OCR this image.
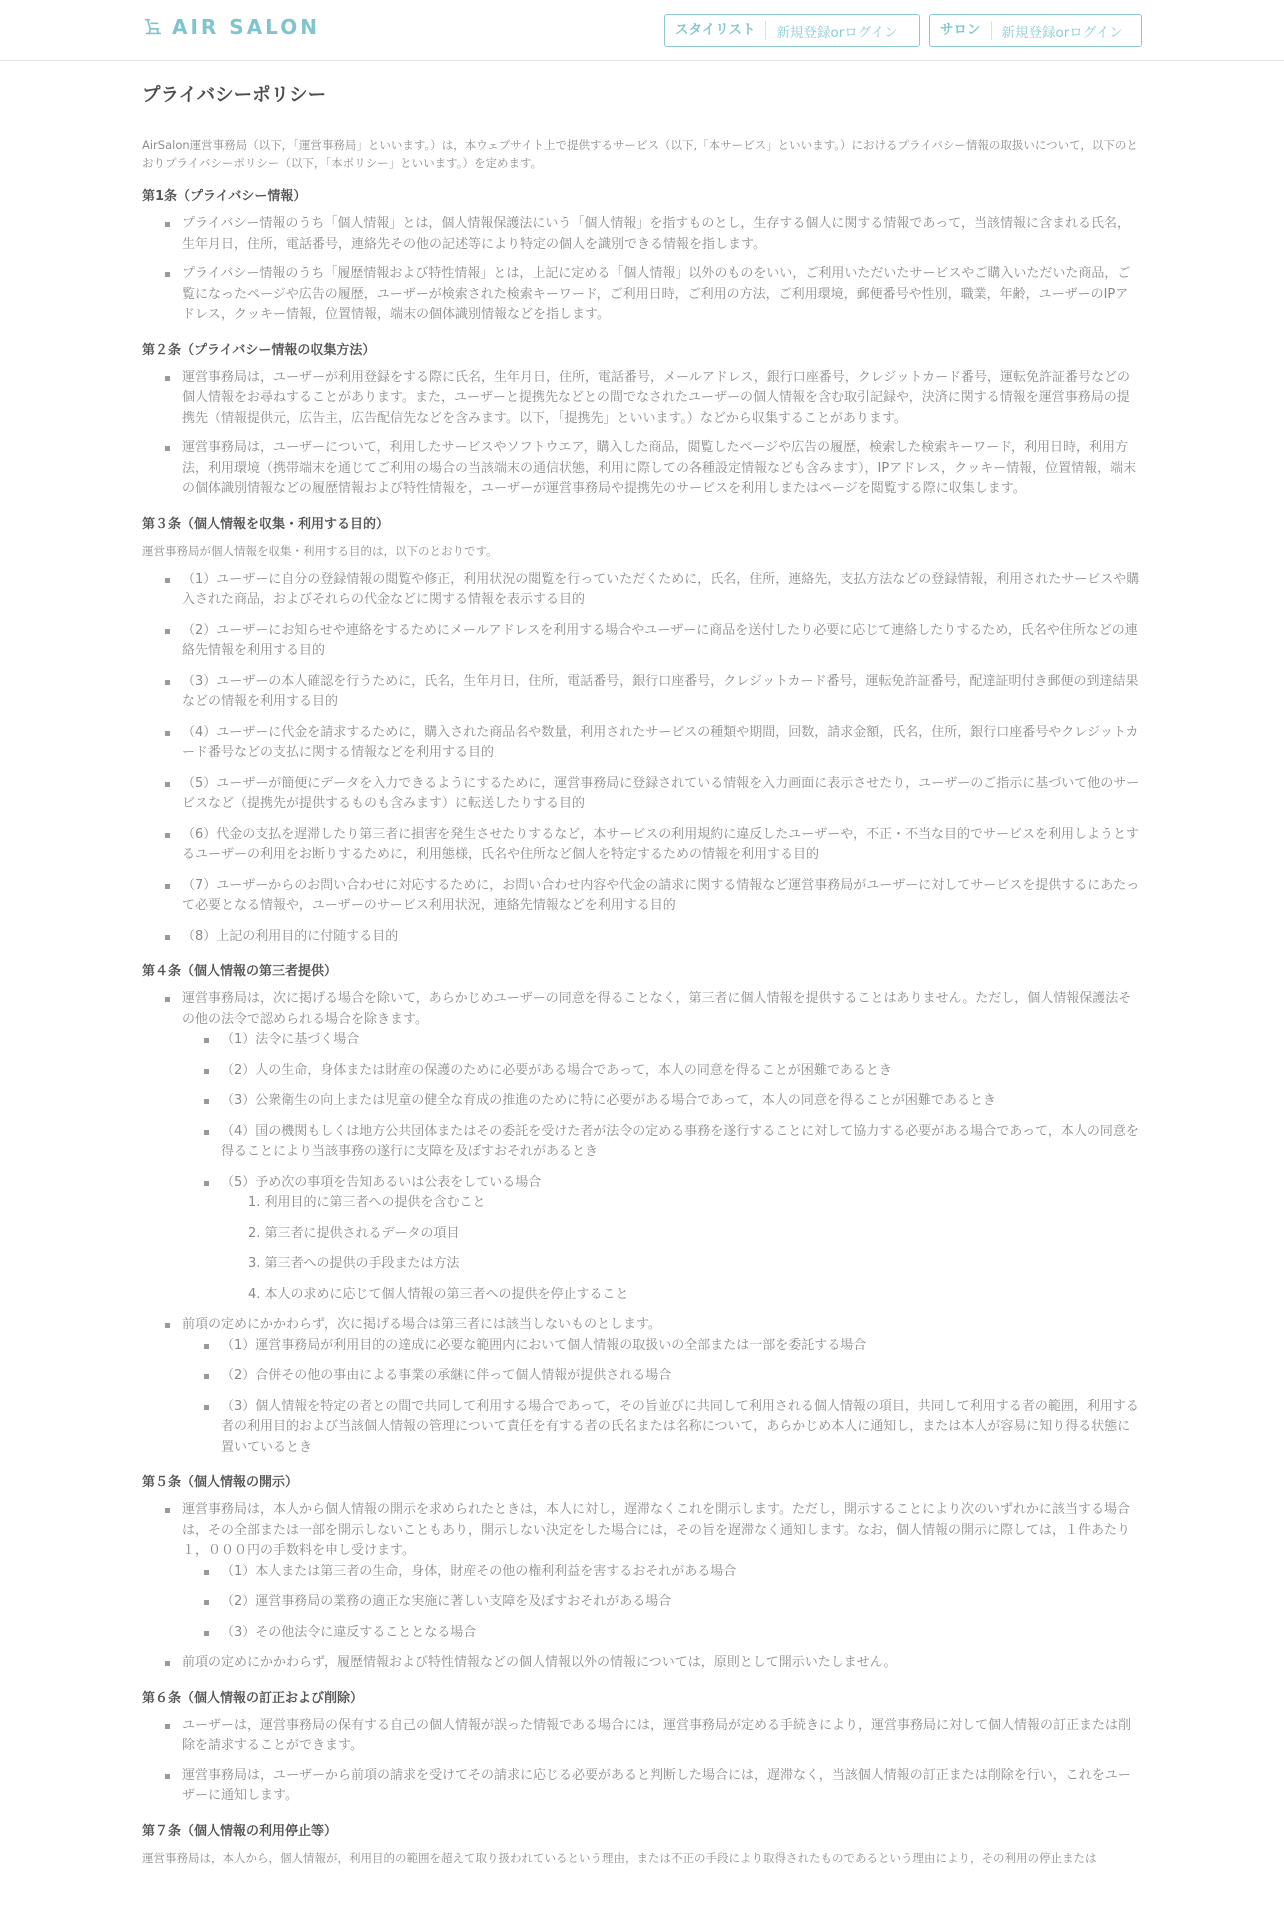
AIR SALON	スタイリスト	新規登録orログイン	サロン	新規登録orログイン
プライバシーポリシー

AirSalon運営事務局（以下，「運営事務局」といいます。）は，本ウェブサイト上で提供するサービス（以下,「本サービス」といいます。）におけるプライバシー情報の取扱いについて，以下のとおりプライバシーポリシー（以下，「本ポリシー」といいます。）を定めます。

第1条（プライバシー情報）
プライバシー情報のうち「個人情報」とは，個人情報保護法にいう「個人情報」を指すものとし，生存する個人に関する情報であって，当該情報に含まれる氏名，生年月日，住所，電話番号，連絡先その他の記述等により特定の個人を識別できる情報を指します。
プライバシー情報のうち「履歴情報および特性情報」とは，上記に定める「個人情報」以外のものをいい，ご利用いただいたサービスやご購入いただいた商品，ご覧になったページや広告の履歴，ユーザーが検索された検索キーワード，ご利用日時，ご利用の方法，ご利用環境，郵便番号や性別，職業，年齢，ユーザーのIPアドレス，クッキー情報，位置情報，端末の個体識別情報などを指します。
第２条（プライバシー情報の収集方法）
運営事務局は，ユーザーが利用登録をする際に氏名，生年月日，住所，電話番号，メールアドレス，銀行口座番号，クレジットカード番号，運転免許証番号などの個人情報をお尋ねすることがあります。また，ユーザーと提携先などとの間でなされたユーザーの個人情報を含む取引記録や，決済に関する情報を運営事務局の提携先（情報提供元，広告主，広告配信先などを含みます。以下，「提携先」といいます。）などから収集することがあります。
運営事務局は，ユーザーについて，利用したサービスやソフトウエア，購入した商品，閲覧したページや広告の履歴，検索した検索キーワード，利用日時，利用方法，利用環境（携帯端末を通じてご利用の場合の当該端末の通信状態，利用に際しての各種設定情報なども含みます），IPアドレス，クッキー情報，位置情報，端末の個体識別情報などの履歴情報および特性情報を，ユーザーが運営事務局や提携先のサービスを利用しまたはページを閲覧する際に収集します。
第３条（個人情報を収集・利用する目的）

運営事務局が個人情報を収集・利用する目的は，以下のとおりです。

（1）ユーザーに自分の登録情報の閲覧や修正，利用状況の閲覧を行っていただくために，氏名，住所，連絡先，支払方法などの登録情報，利用されたサービスや購入された商品，およびそれらの代金などに関する情報を表示する目的
（2）ユーザーにお知らせや連絡をするためにメールアドレスを利用する場合やユーザーに商品を送付したり必要に応じて連絡したりするため，氏名や住所などの連絡先情報を利用する目的
（3）ユーザーの本人確認を行うために，氏名，生年月日，住所，電話番号，銀行口座番号，クレジットカード番号，運転免許証番号，配達証明付き郵便の到達結果などの情報を利用する目的
（4）ユーザーに代金を請求するために，購入された商品名や数量，利用されたサービスの種類や期間，回数，請求金額，氏名，住所，銀行口座番号やクレジットカード番号などの支払に関する情報などを利用する目的
（5）ユーザーが簡便にデータを入力できるようにするために，運営事務局に登録されている情報を入力画面に表示させたり，ユーザーのご指示に基づいて他のサービスなど（提携先が提供するものも含みます）に転送したりする目的
（6）代金の支払を遅滞したり第三者に損害を発生させたりするなど，本サービスの利用規約に違反したユーザーや，不正・不当な目的でサービスを利用しようとするユーザーの利用をお断りするために，利用態様，氏名や住所など個人を特定するための情報を利用する目的
（7）ユーザーからのお問い合わせに対応するために，お問い合わせ内容や代金の請求に関する情報など運営事務局がユーザーに対してサービスを提供するにあたって必要となる情報や，ユーザーのサービス利用状況，連絡先情報などを利用する目的
（8）上記の利用目的に付随する目的
第４条（個人情報の第三者提供）
運営事務局は，次に掲げる場合を除いて，あらかじめユーザーの同意を得ることなく，第三者に個人情報を提供することはありません。ただし，個人情報保護法その他の法令で認められる場合を除きます。
（1）法令に基づく場合
（2）人の生命，身体または財産の保護のために必要がある場合であって，本人の同意を得ることが困難であるとき
（3）公衆衛生の向上または児童の健全な育成の推進のために特に必要がある場合であって，本人の同意を得ることが困難であるとき
（4）国の機関もしくは地方公共団体またはその委託を受けた者が法令の定める事務を遂行することに対して協力する必要がある場合であって，本人の同意を得ることにより当該事務の遂行に支障を及ぼすおそれがあるとき
（5）予め次の事項を告知あるいは公表をしている場合
1. 利用目的に第三者への提供を含むこと
2. 第三者に提供されるデータの項目
3. 第三者への提供の手段または方法
4. 本人の求めに応じて個人情報の第三者への提供を停止すること
前項の定めにかかわらず，次に掲げる場合は第三者には該当しないものとします。
（1）運営事務局が利用目的の達成に必要な範囲内において個人情報の取扱いの全部または一部を委託する場合
（2）合併その他の事由による事業の承継に伴って個人情報が提供される場合
（3）個人情報を特定の者との間で共同して利用する場合であって，その旨並びに共同して利用される個人情報の項目，共同して利用する者の範囲，利用する者の利用目的および当該個人情報の管理について責任を有する者の氏名または名称について，あらかじめ本人に通知し，または本人が容易に知り得る状態に置いているとき
第５条（個人情報の開示）
運営事務局は，本人から個人情報の開示を求められたときは，本人に対し，遅滞なくこれを開示します。ただし，開示することにより次のいずれかに該当する場合は，その全部または一部を開示しないこともあり，開示しない決定をした場合には，その旨を遅滞なく通知します。なお，個人情報の開示に際しては，１件あたり１，０００円の手数料を申し受けます。
（1）本人または第三者の生命，身体，財産その他の権利利益を害するおそれがある場合
（2）運営事務局の業務の適正な実施に著しい支障を及ぼすおそれがある場合
（3）その他法令に違反することとなる場合
前項の定めにかかわらず，履歴情報および特性情報などの個人情報以外の情報については，原則として開示いたしません。
第６条（個人情報の訂正および削除）
ユーザーは，運営事務局の保有する自己の個人情報が誤った情報である場合には，運営事務局が定める手続きにより，運営事務局に対して個人情報の訂正または削除を請求することができます。
運営事務局は，ユーザーから前項の請求を受けてその請求に応じる必要があると判断した場合には，遅滞なく，当該個人情報の訂正または削除を行い，これをユーザーに通知します。
第７条（個人情報の利用停止等）

運営事務局は，本人から，個人情報が，利用目的の範囲を超えて取り扱われているという理由，または不正の手段により取得されたものであるという理由により，その利用の停止または
